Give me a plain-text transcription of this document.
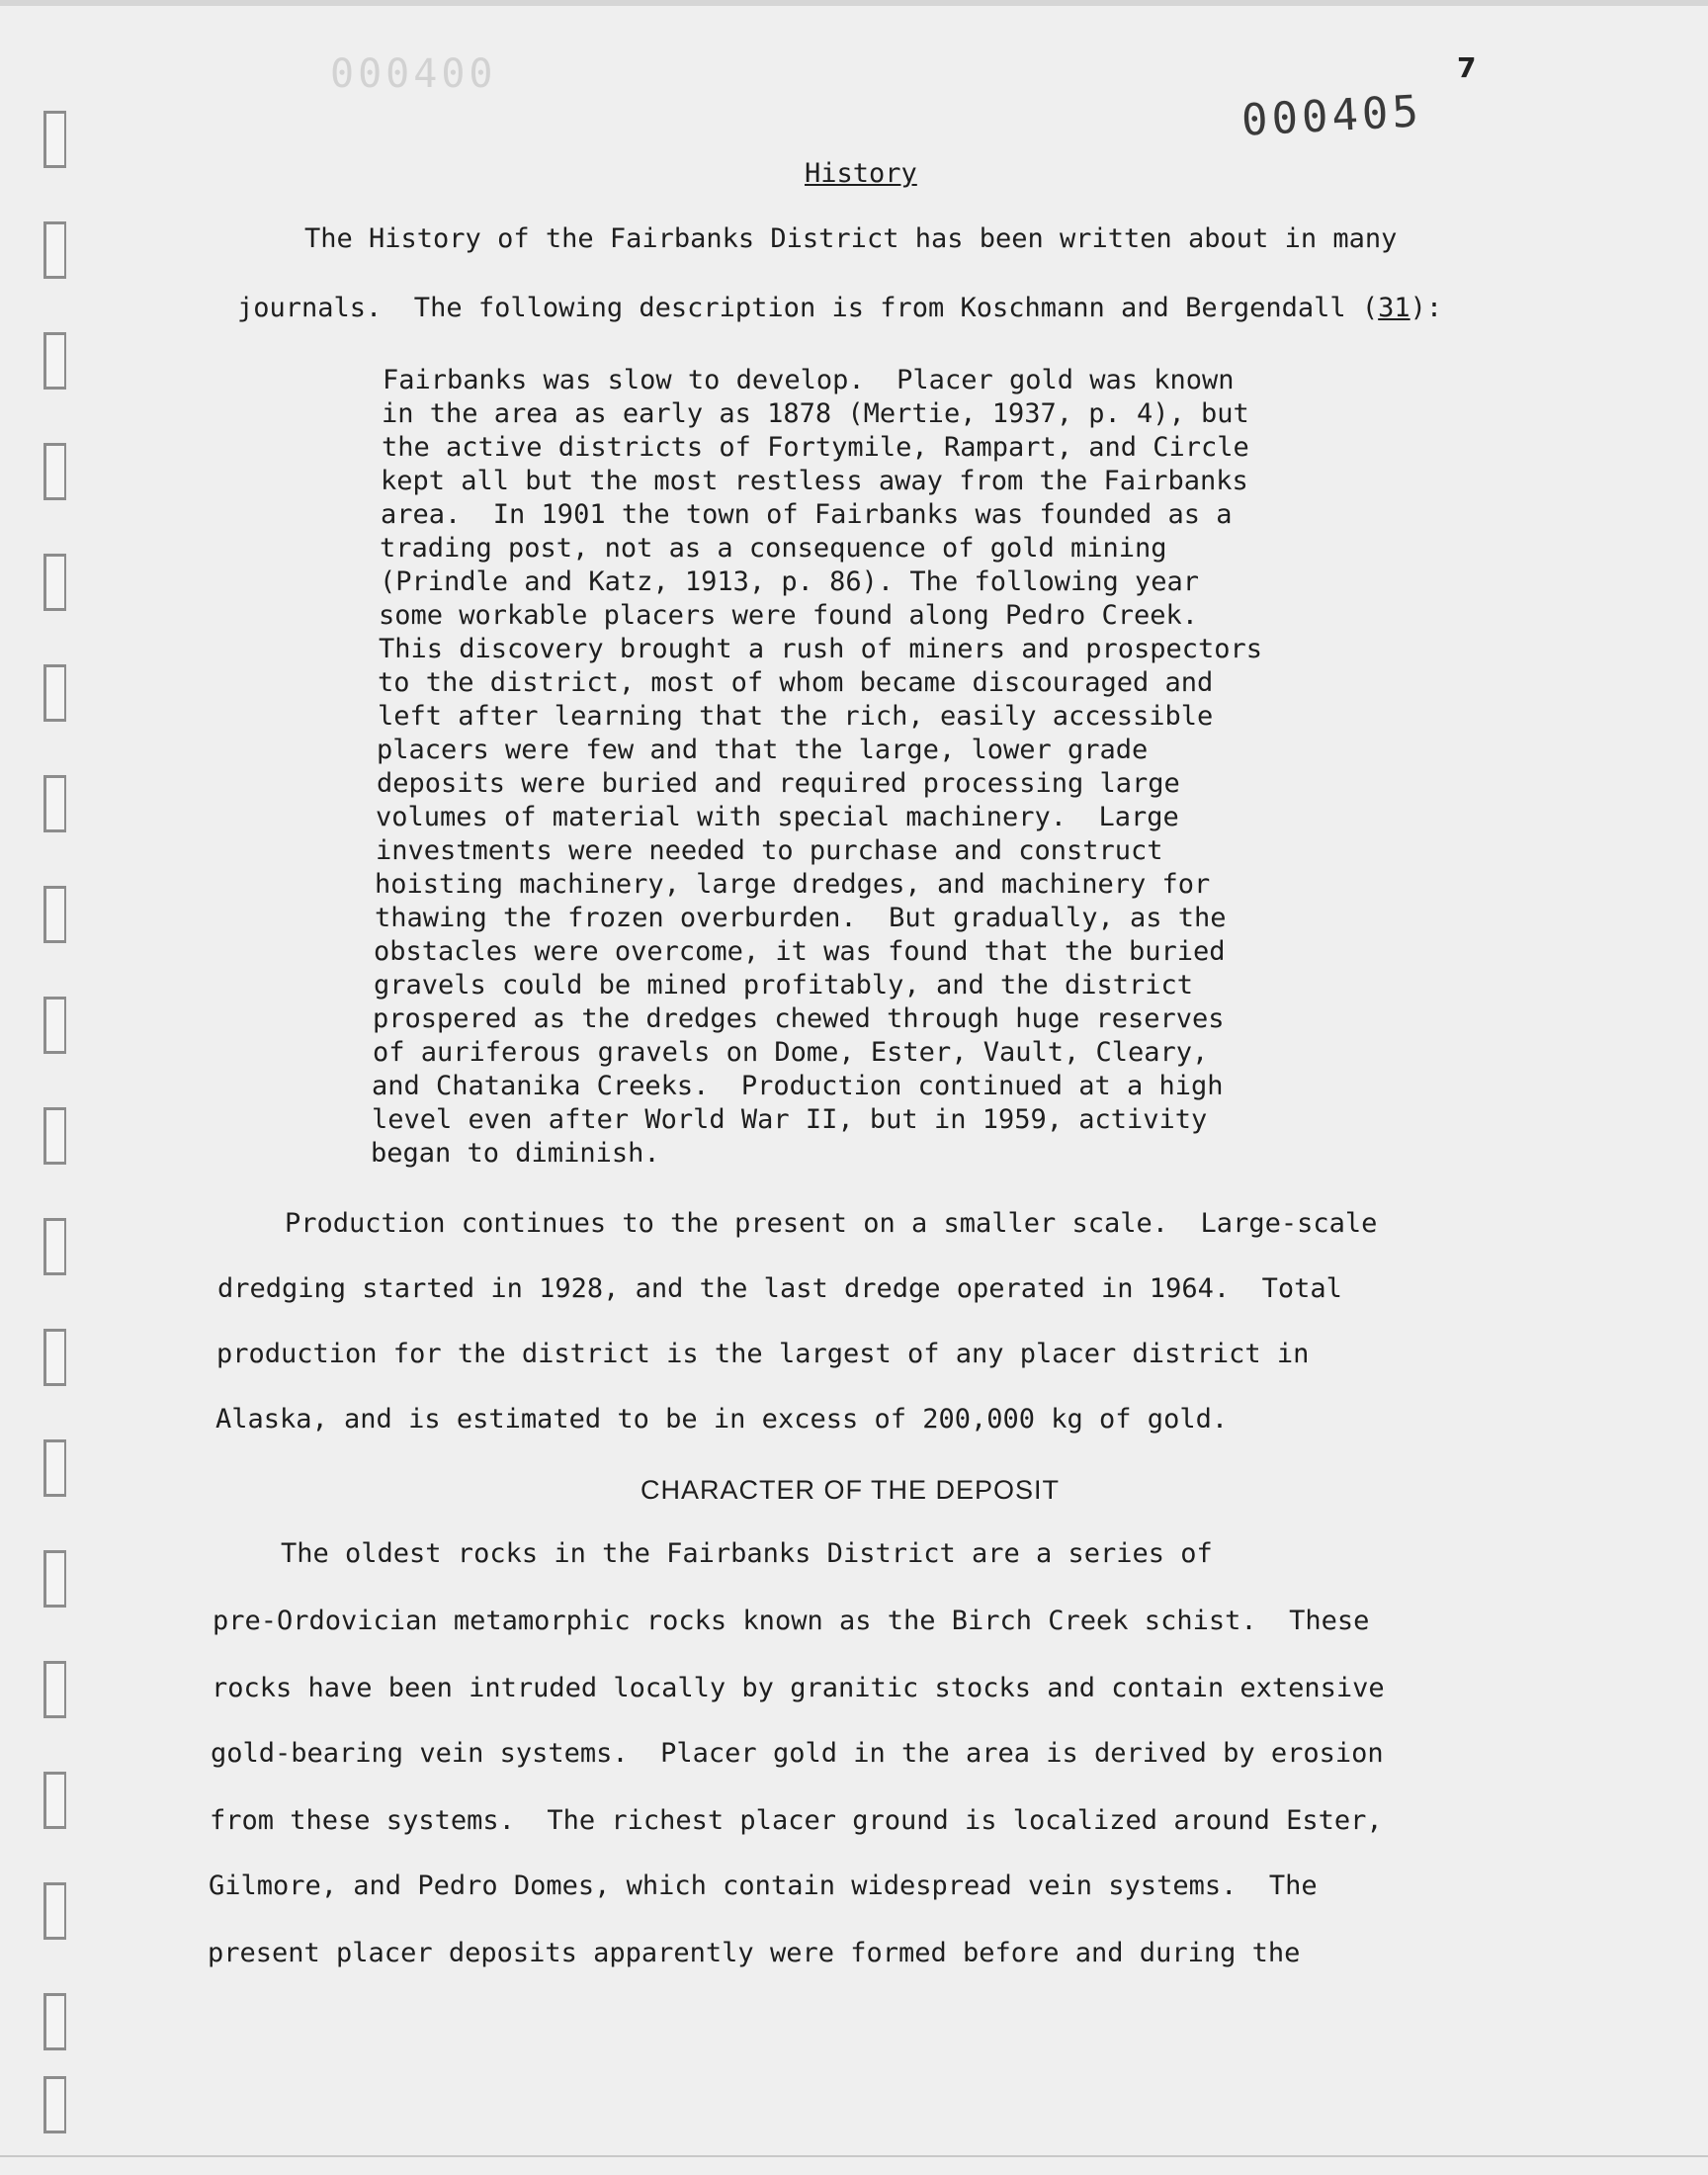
000400	7
000405
History
The History of the Fairbanks District has been written about in many
journals.  The following description is from Koschmann and Bergendall (31):
Fairbanks was slow to develop.  Placer gold was known
in the area as early as 1878 (Mertie, 1937, p. 4), but
the active districts of Fortymile, Rampart, and Circle
kept all but the most restless away from the Fairbanks
area.  In 1901 the town of Fairbanks was founded as a
trading post, not as a consequence of gold mining
(Prindle and Katz, 1913, p. 86). The following year
some workable placers were found along Pedro Creek.
This discovery brought a rush of miners and prospectors
to the district, most of whom became discouraged and
left after learning that the rich, easily accessible
placers were few and that the large, lower grade
deposits were buried and required processing large
volumes of material with special machinery.  Large
investments were needed to purchase and construct
hoisting machinery, large dredges, and machinery for
thawing the frozen overburden.  But gradually, as the
obstacles were overcome, it was found that the buried
gravels could be mined profitably, and the district
prospered as the dredges chewed through huge reserves
of auriferous gravels on Dome, Ester, Vault, Cleary,
and Chatanika Creeks.  Production continued at a high
level even after World War II, but in 1959, activity
began to diminish.
Production continues to the present on a smaller scale.  Large-scale
dredging started in 1928, and the last dredge operated in 1964.  Total
production for the district is the largest of any placer district in
Alaska, and is estimated to be in excess of 200,000 kg of gold.
CHARACTER OF THE DEPOSIT
The oldest rocks in the Fairbanks District are a series of
pre-Ordovician metamorphic rocks known as the Birch Creek schist.  These
rocks have been intruded locally by granitic stocks and contain extensive
gold-bearing vein systems.  Placer gold in the area is derived by erosion
from these systems.  The richest placer ground is localized around Ester,
Gilmore, and Pedro Domes, which contain widespread vein systems.  The
present placer deposits apparently were formed before and during the
